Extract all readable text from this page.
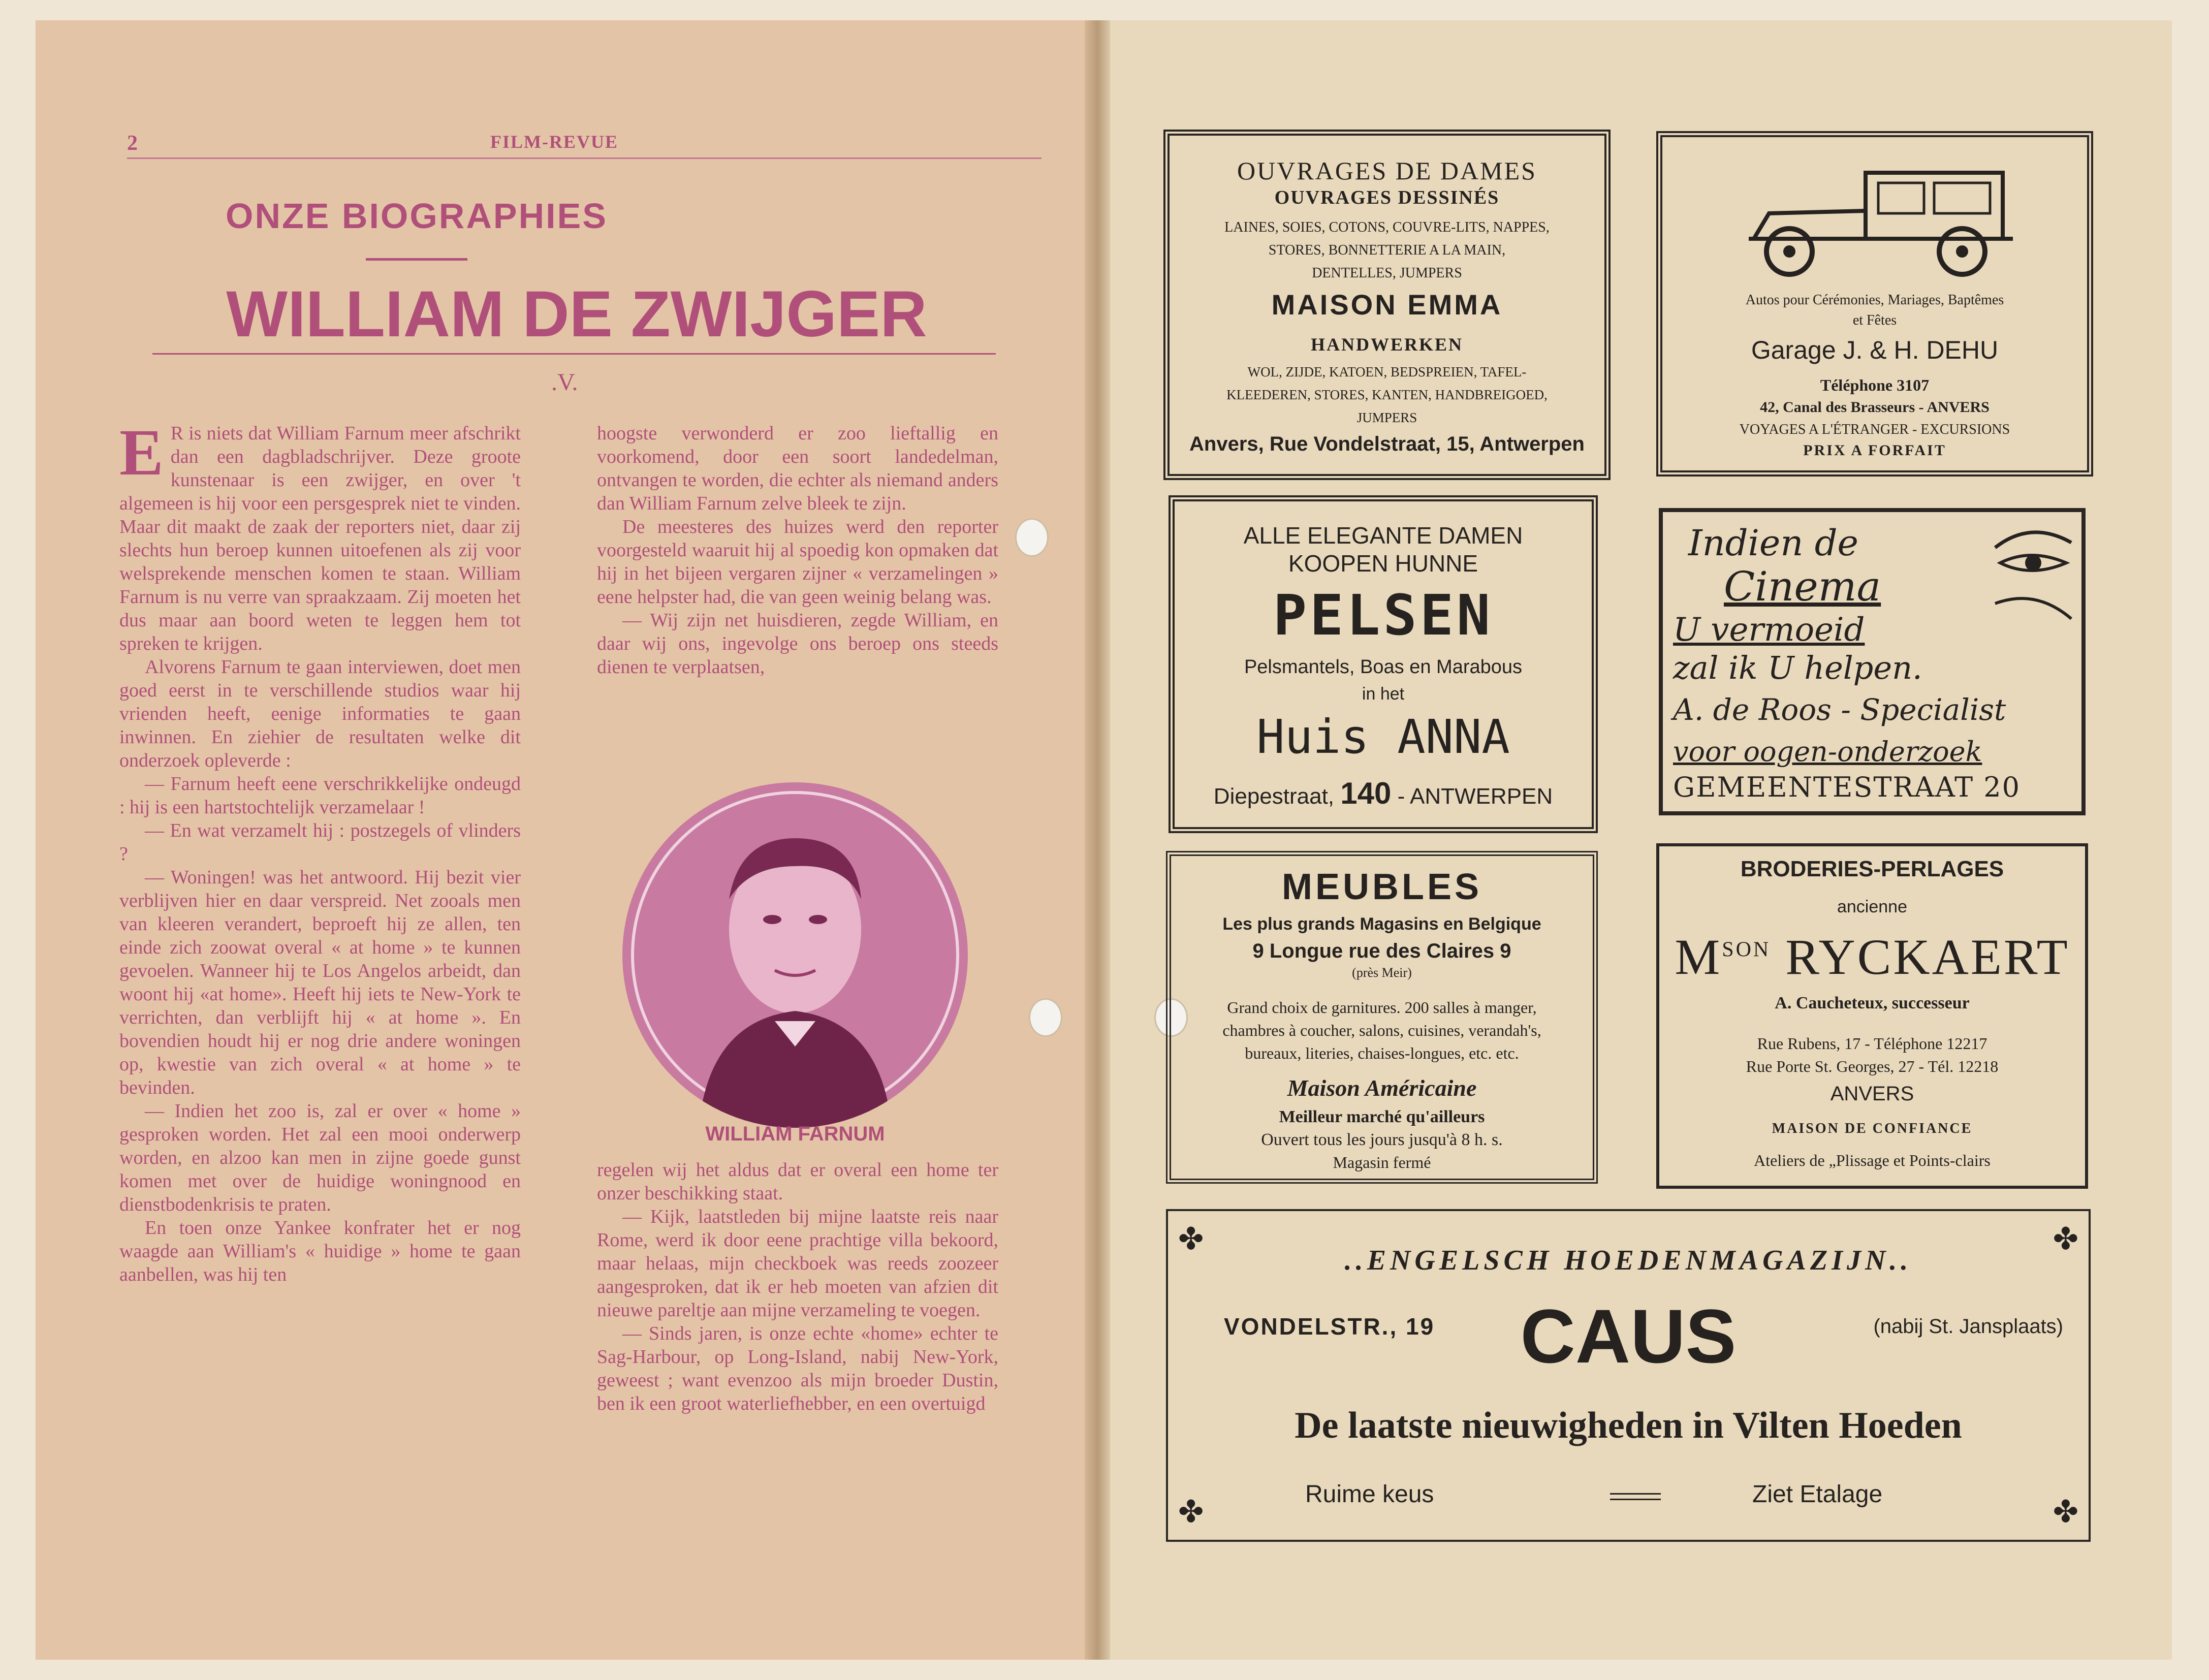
2	FILM-REVUE
ONZE BIOGRAPHIES
WILLIAM DE ZWIJGER
.V.
E R is niets dat William Farnum meer afschrikt dan een dagbladschrijver. Deze groote kunstenaar is een zwijger, en over 't algemeen is hij voor een persgesprek niet te vinden. Maar dit maakt de zaak der reporters niet, daar zij slechts hun beroep kunnen uitoefenen als zij voor welsprekende menschen komen te staan. William Farnum is nu verre van spraakzaam. Zij moeten het dus maar aan boord weten te leggen hem tot spreken te krijgen.

Alvorens Farnum te gaan interviewen, doet men goed eerst in te verschillende studios waar hij vrienden heeft, eenige informaties te gaan inwinnen. En ziehier de resultaten welke dit onderzoek opleverde :

— Farnum heeft eene verschrikkelijke ondeugd : hij is een hartstochtelijk verzamelaar !

— En wat verzamelt hij : postzegels of vlinders ?

— Woningen! was het antwoord. Hij bezit vier verblijven hier en daar verspreid. Net zooals men van kleeren verandert, beproeft hij ze allen, ten einde zich zoowat overal « at home » te kunnen gevoelen. Wanneer hij te Los Angelos arbeidt, dan woont hij «at home». Heeft hij iets te New-York te verrichten, dan verblijft hij « at home ». En bovendien houdt hij er nog drie andere woningen op, kwestie van zich overal « at home » te bevinden.

— Indien het zoo is, zal er over « home » gesproken worden. Het zal een mooi onderwerp worden, en alzoo kan men in zijne goede gunst komen met over de huidige woningnood en dienstbodenkrisis te praten.

En toen onze Yankee konfrater het er nog waagde aan William's « huidige » home te gaan aanbellen, was hij ten

hoogste verwonderd er zoo lieftallig en voorkomend, door een soort landedelman, ontvangen te worden, die echter als niemand anders dan William Farnum zelve bleek te zijn.

De meesteres des huizes werd den reporter voorgesteld waaruit hij al spoedig kon opmaken dat hij in het bijeen vergaren zijner « verzamelingen » eene helpster had, die van geen weinig belang was.

— Wij zijn net huisdieren, zegde William, en daar wij ons, ingevolge ons beroep ons steeds dienen te verplaatsen,

WILLIAM FARNUM

regelen wij het aldus dat er overal een home ter onzer beschikking staat.

— Kijk, laatstleden bij mijne laatste reis naar Rome, werd ik door eene prachtige villa bekoord, maar helaas, mijn checkboek was reeds zoozeer aangesproken, dat ik er heb moeten van afzien dit nieuwe pareltje aan mijne verzameling te voegen.

— Sinds jaren, is onze echte «home» echter te Sag-Harbour, op Long-Island, nabij New-York, geweest ; want evenzoo als mijn broeder Dustin, ben ik een groot waterliefhebber, en een overtuigd

OUVRAGES DE DAMES
OUVRAGES DESSINÉS
LAINES, SOIES, COTONS, COUVRE-LITS, NAPPES,
STORES, BONNETTERIE A LA MAIN,
DENTELLES, JUMPERS
MAISON EMMA
HANDWERKEN
WOL, ZIJDE, KATOEN, BEDSPREIEN, TAFEL-
KLEEDEREN, STORES, KANTEN, HANDBREIGOED,
JUMPERS
Anvers, Rue Vondelstraat, 15, Antwerpen
Autos pour Cérémonies, Mariages, Baptêmes
et Fêtes
Garage J. & H. DEHU
Téléphone 3107
42, Canal des Brasseurs - ANVERS
VOYAGES A L'ÉTRANGER - EXCURSIONS
PRIX A FORFAIT
ALLE ELEGANTE DAMEN
KOOPEN HUNNE
PELSEN
Pelsmantels, Boas en Marabous
in het
Huis ANNA
Diepestraat, 140 - ANTWERPEN
Indien de
Cinema
U vermoeid
zal ik U helpen.
A. de Roos - Specialist
voor oogen-onderzoek
GEMEENTESTRAAT 20
MEUBLES
Les plus grands Magasins en Belgique
9 Longue rue des Claires 9
(près Meir)
Grand choix de garnitures. 200 salles à manger,
chambres à coucher, salons, cuisines, verandah's,
bureaux, literies, chaises-longues, etc. etc.
Maison Américaine
Meilleur marché qu'ailleurs
Ouvert tous les jours jusqu'à 8 h. s.
Magasin fermé
BRODERIES-PERLAGES
ancienne
$M^{SON}$ RYCKAERT
A. Caucheteux, successeur
Rue Rubens, 17 - Téléphone 12217
Rue Porte St. Georges, 27 - Tél. 12218
ANVERS
MAISON DE CONFIANCE
Ateliers de „Plissage et Points-clairs
✤	✤
✤	✤
..ENGELSCH HOEDENMAGAZIJN..
VONDELSTR., 19	CAUS	(nabij St. Jansplaats)
De laatste nieuwigheden in Vilten Hoeden
Ruime keus	Ziet Etalage
